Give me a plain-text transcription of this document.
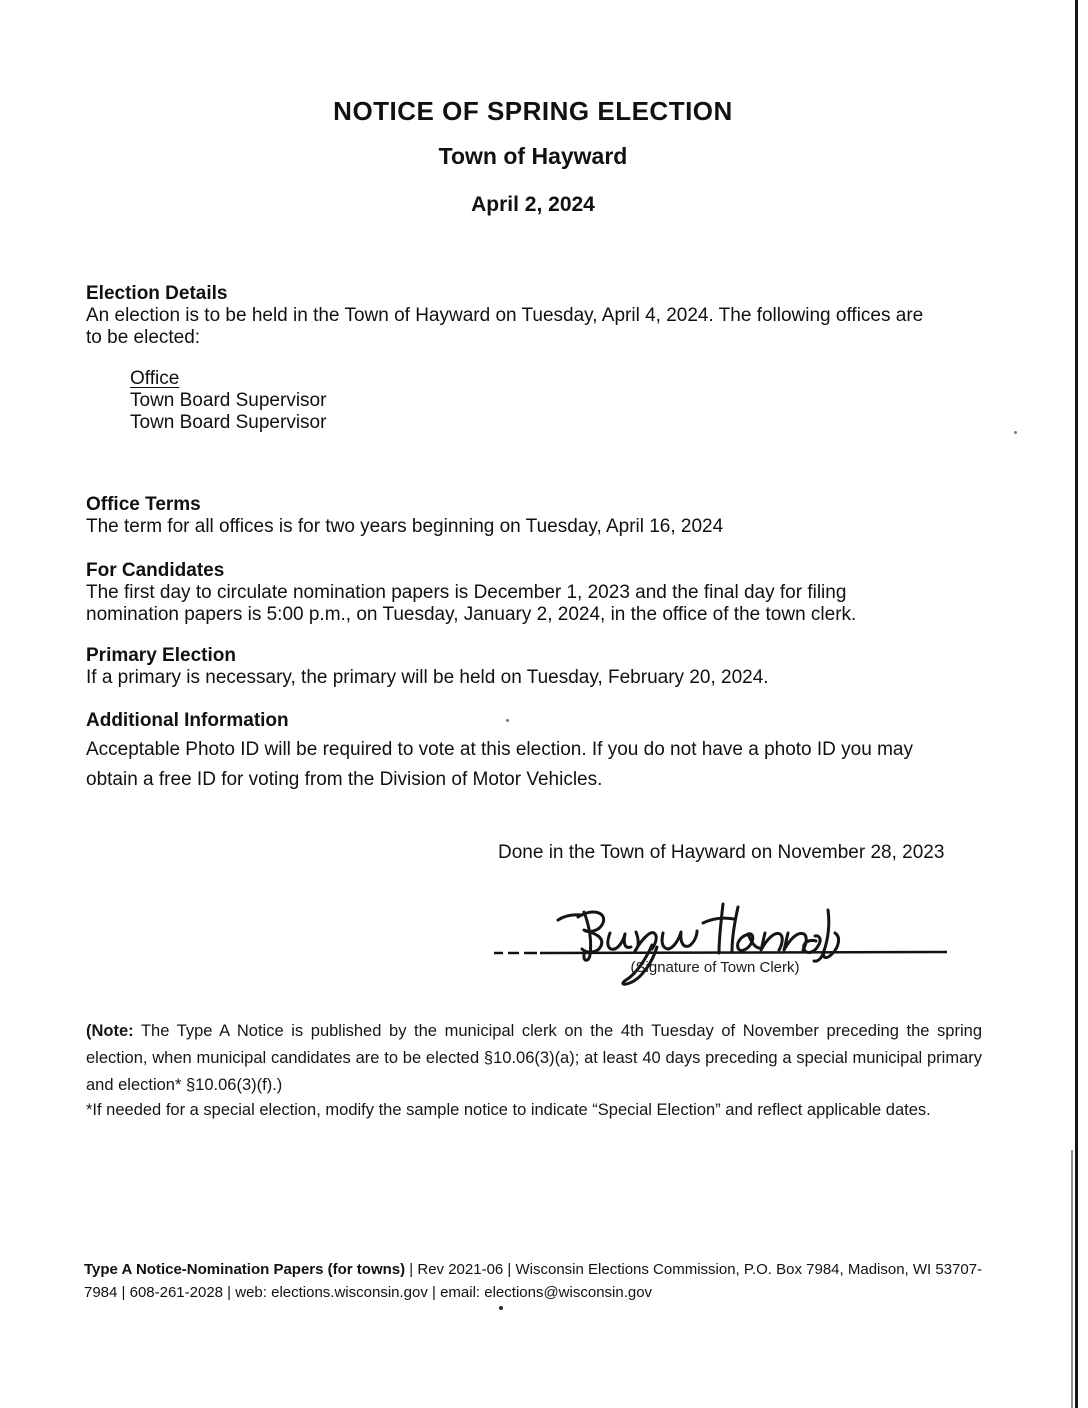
NOTICE OF SPRING ELECTION
Town of Hayward
April 2, 2024
Election Details
An election is to be held in the Town of Hayward on Tuesday, April 4, 2024. The following offices are to be elected:
Office
Town Board Supervisor
Town Board Supervisor
Office Terms
The term for all offices is for two years beginning on Tuesday, April 16, 2024
For Candidates
The first day to circulate nomination papers is December 1, 2023 and the final day for filing nomination papers is 5:00 p.m., on Tuesday, January 2, 2024, in the office of the town clerk.
Primary Election
If a primary is necessary, the primary will be held on Tuesday, February 20, 2024.
Additional Information
Acceptable Photo ID will be required to vote at this election. If you do not have a photo ID you may obtain a free ID for voting from the Division of Motor Vehicles.
Done in the Town of Hayward on November 28, 2023
(Signature of Town Clerk)
(Note: The Type A Notice is published by the municipal clerk on the 4th Tuesday of November preceding the spring election, when municipal candidates are to be elected §10.06(3)(a); at least 40 days preceding a special municipal primary and election* §10.06(3)(f).)
*If needed for a special election, modify the sample notice to indicate “Special Election” and reflect applicable dates.
Type A Notice-Nomination Papers (for towns) | Rev 2021-06 | Wisconsin Elections Commission, P.O. Box 7984, Madison, WI 53707-7984 | 608-261-2028 | web: elections.wisconsin.gov | email: elections@wisconsin.gov
